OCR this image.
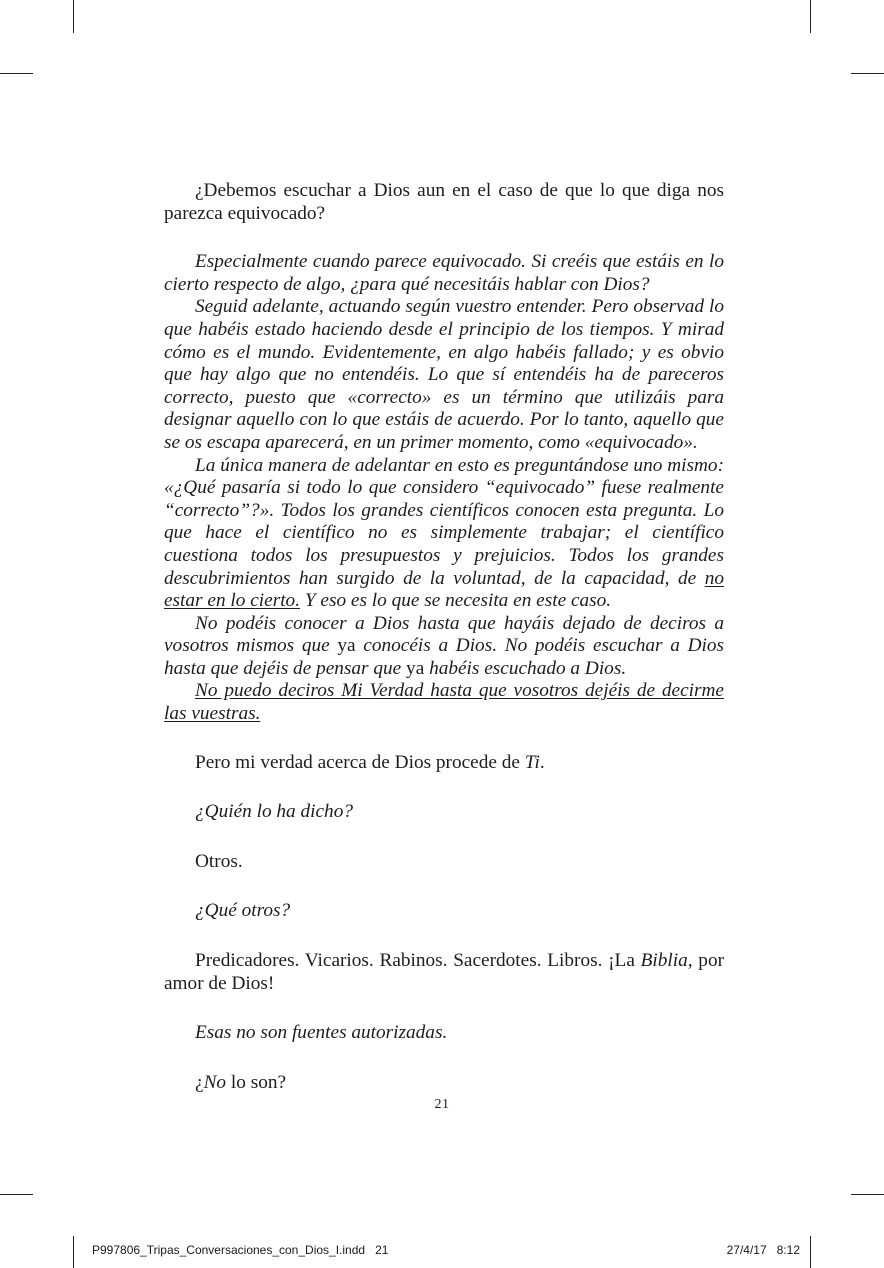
¿Debemos escuchar a Dios aun en el caso de que lo que diga nos parezca equivocado?

Especialmente cuando parece equivocado. Si creéis que estáis en lo cierto respecto de algo, ¿para qué necesitáis hablar con Dios?

Seguid adelante, actuando según vuestro entender. Pero observad lo que habéis estado haciendo desde el principio de los tiempos. Y mirad cómo es el mundo. Evidentemente, en algo habéis fallado; y es obvio que hay algo que no entendéis. Lo que sí entendéis ha de pareceros correcto, puesto que «correcto» es un término que utilizáis para designar aquello con lo que estáis de acuerdo. Por lo tanto, aquello que se os escapa aparecerá, en un primer momento, como «equivocado».

La única manera de adelantar en esto es preguntándose uno mismo: «¿Qué pasaría si todo lo que considero “equivocado” fuese realmente “correcto”?». Todos los grandes científicos conocen esta pregunta. Lo que hace el científico no es simplemente trabajar; el científico cuestiona todos los presupuestos y prejuicios. Todos los grandes descubrimientos han surgido de la voluntad, de la capacidad, de no estar en lo cierto. Y eso es lo que se necesita en este caso.

No podéis conocer a Dios hasta que hayáis dejado de deciros a vosotros mismos que ya conocéis a Dios. No podéis escuchar a Dios hasta que dejéis de pensar que ya habéis escuchado a Dios.

No puedo deciros Mi Verdad hasta que vosotros dejéis de decirme las vuestras.

Pero mi verdad acerca de Dios procede de Ti.

¿Quién lo ha dicho?

Otros.

¿Qué otros?

Predicadores. Vicarios. Rabinos. Sacerdotes. Libros. ¡La Biblia, por amor de Dios!

Esas no son fuentes autorizadas.

¿No lo son?

21
P997806_Tripas_Conversaciones_con_Dios_I.indd   21	27/4/17   8:12
